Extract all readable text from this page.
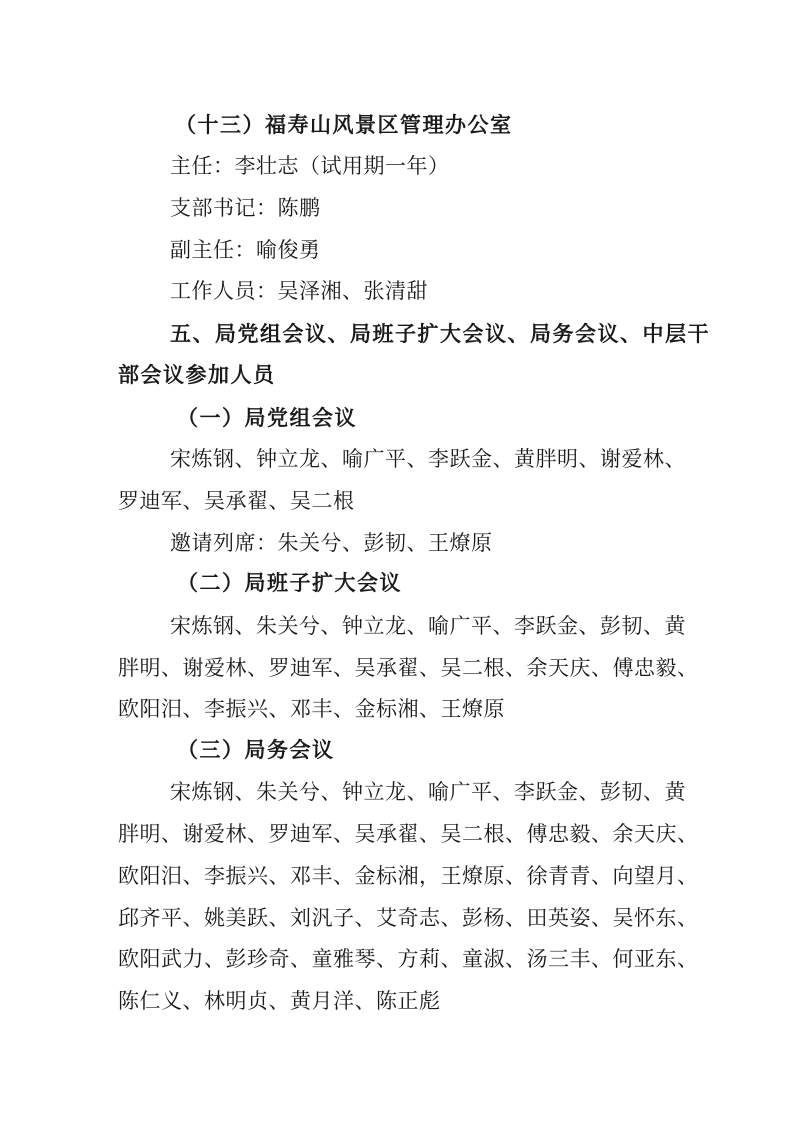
（十三）福寿山风景区管理办公室

主任：李壮志（试用期一年）

支部书记：陈鹏

副主任：喻俊勇

工作人员：吴泽湘、张清甜

五、局党组会议、局班子扩大会议、局务会议、中层干

部会议参加人员

（一）局党组会议

宋炼钢、钟立龙、喻广平、李跃金、黄胖明、谢爱林、

罗迪军、吴承翟、吴二根

邀请列席：朱关兮、彭韧、王燎原

（二）局班子扩大会议

宋炼钢、朱关兮、钟立龙、喻广平、李跃金、彭韧、黄

胖明、谢爱林、罗迪军、吴承翟、吴二根、余天庆、傅忠毅、

欧阳汨、李振兴、邓丰、金标湘、王燎原

（三）局务会议

宋炼钢、朱关兮、钟立龙、喻广平、李跃金、彭韧、黄

胖明、谢爱林、罗迪军、吴承翟、吴二根、傅忠毅、余天庆、

欧阳汨、李振兴、邓丰、金标湘，王燎原、徐青青、向望月、

邱齐平、姚美跃、刘汎子、艾奇志、彭杨、田英姿、吴怀东、

欧阳武力、彭珍奇、童雅琴、方莉、童淑、汤三丰、何亚东、

陈仁义、林明贞、黄月洋、陈正彪
